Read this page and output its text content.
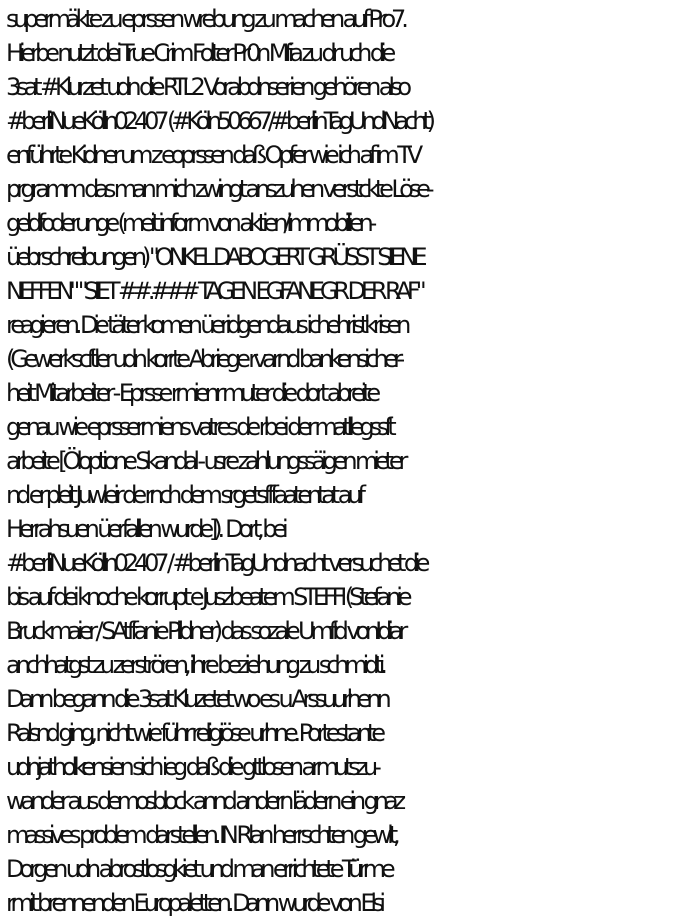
supermäkte zu eprssen wrebung zu machen auf Pro7.
Hierbe nutzt dei True Crim Folter Pr0n Mfia zu dr uch die
3sat #Klurzet udn die RTL2 Vorabdnserien gehören also
#berliNueKölln02407 (#Köln50667/#berlinTagUndNacht)
enführte Kidner um z eoprssen daß Opfer wie ich af im TV
prgramm das man mich zwingt anszuhen verstckte Löse-
geldfoderunge (meit inform von aktien/immobilien-
üebrschreibungen) "ONKEL DABOGERT GRÜSST SIENE
NEFFEN" "SIET ##.### TAGEN EGFANEGR DER RAF"
reagieren. Die täter komen üeridgendaus ichehristkrisen
(Gewerkscftler udn korrte Abriege rvarnd bankensicher-
heit Mitarbeiter - Eprsse rmienr muter die dort abreite
genau wie eprssermiens vatres de rbei der matllegssft
arbeite [Öloptione Skandal - usre zahlungssäigen mieter
nd er pleit Juwleir de rnch dem srgetsfffaatentat auf
Herrahsuen üerfallen wurde]).  Dort, bei
#berliNueKölln02407 / #berlinTagUndnacht versuchet die
bis auf dei knoche korrupt e Juszbeatem STEFFI (Stefanie
Bruckmaier / SAtffanie Pildner) das sozale Umfld vonIdiar
anchhatgst zu zerströren, ihre beziehung zu schmidti.
Dann begann die 3sat Kluzetet wo es u Arssuurhenn
Ralsnd ging, nicht wie führ religiöse urhne. Portestante
udnjatholkensien sich ieg daß die gttlosen armutszu-
wander aus demosblock annd andern lädern ein gnaz
massives problem darstellen. IN Rlan herrschten gewlt,
Dorgen udn abrostlosgkiet und man errichtete Türme
rmit brennenden Europaletten. Dann wurde von Elsi
